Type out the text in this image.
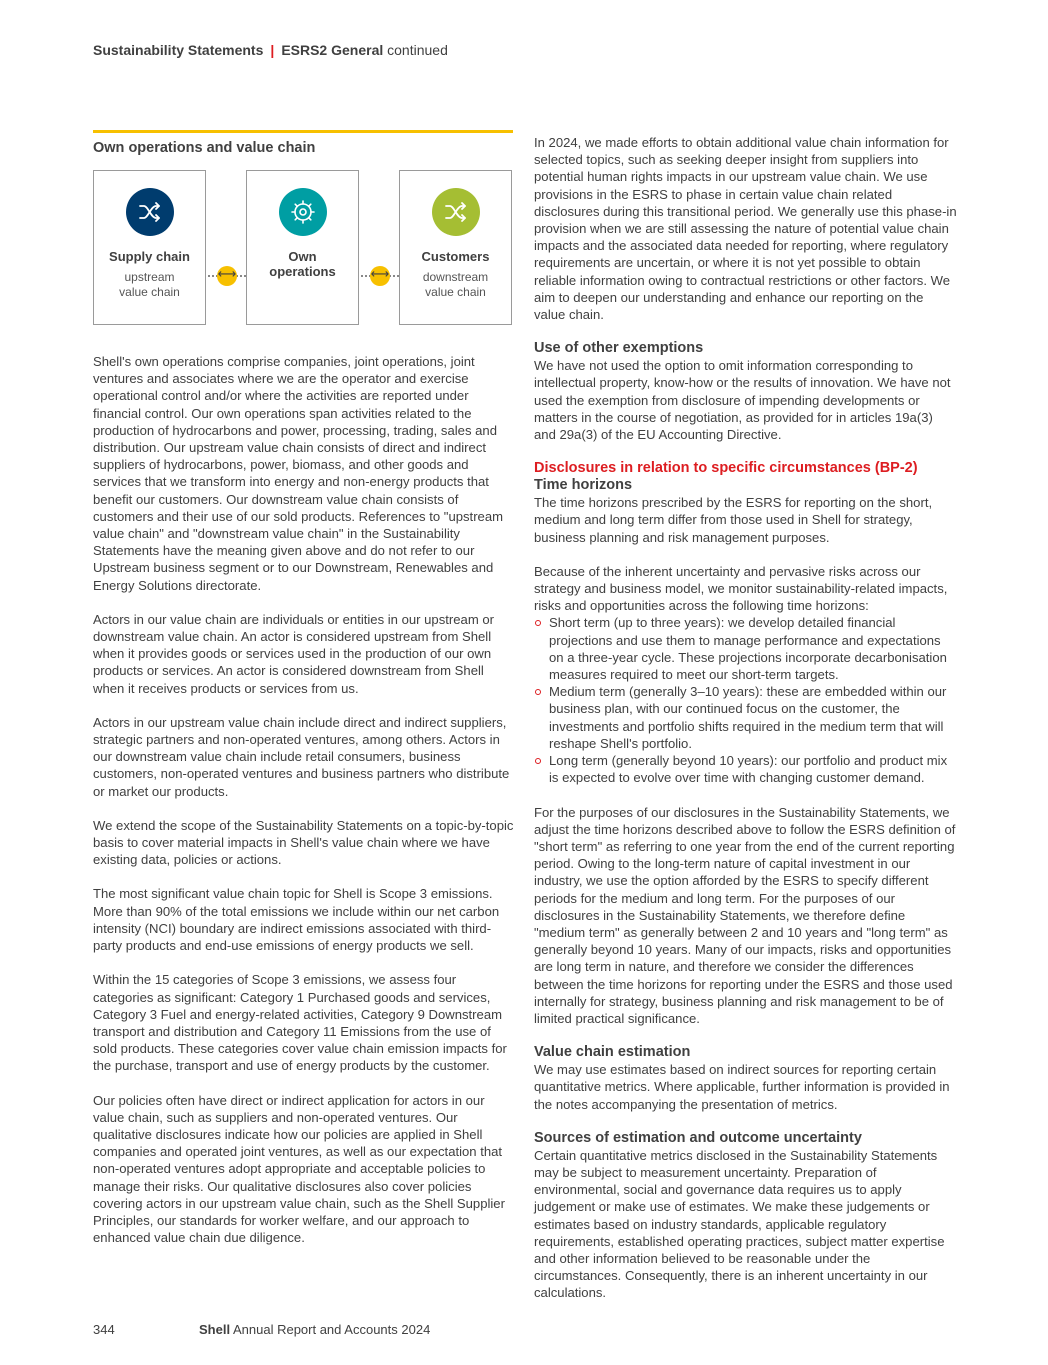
Sustainability Statements | ESRS2 General continued
Own operations and value chain
Supply chain
upstream
value chain
⟷
Own
operations	⟷
Customers
downstream
value chain

Shell's own operations comprise companies, joint operations, joint ventures and associates where we are the operator and exercise operational control and/or where the activities are reported under financial control. Our own operations span activities related to the production of hydrocarbons and power, processing, trading, sales and distribution. Our upstream value chain consists of direct and indirect suppliers of hydrocarbons, power, biomass, and other goods and services that we transform into energy and non-energy products that benefit our customers. Our downstream value chain consists of customers and their use of our sold products. References to "upstream value chain" and "downstream value chain" in the Sustainability Statements have the meaning given above and do not refer to our Upstream business segment or to our Downstream, Renewables and Energy Solutions directorate.

Actors in our value chain are individuals or entities in our upstream or downstream value chain. An actor is considered upstream from Shell when it provides goods or services used in the production of our own products or services. An actor is considered downstream from Shell when it receives products or services from us.

Actors in our upstream value chain include direct and indirect suppliers, strategic partners and non-operated ventures, among others. Actors in our downstream value chain include retail consumers, business customers, non-operated ventures and business partners who distribute or market our products.

We extend the scope of the Sustainability Statements on a topic-by-topic basis to cover material impacts in Shell's value chain where we have existing data, policies or actions.

The most significant value chain topic for Shell is Scope 3 emissions. More than 90% of the total emissions we include within our net carbon intensity (NCI) boundary are indirect emissions associated with third-party products and end-use emissions of energy products we sell.

Within the 15 categories of Scope 3 emissions, we assess four categories as significant: Category 1 Purchased goods and services, Category 3 Fuel and energy-related activities, Category 9 Downstream transport and distribution and Category 11 Emissions from the use of sold products. These categories cover value chain emission impacts for the purchase, transport and use of energy products by the customer.

Our policies often have direct or indirect application for actors in our value chain, such as suppliers and non-operated ventures. Our qualitative disclosures indicate how our policies are applied in Shell companies and operated joint ventures, as well as our expectation that non-operated ventures adopt appropriate and acceptable policies to manage their risks. Our qualitative disclosures also cover policies covering actors in our upstream value chain, such as the Shell Supplier Principles, our standards for worker welfare, and our approach to enhanced value chain due diligence.

In 2024, we made efforts to obtain additional value chain information for selected topics, such as seeking deeper insight from suppliers into potential human rights impacts in our upstream value chain. We use provisions in the ESRS to phase in certain value chain related disclosures during this transitional period. We generally use this phase-in provision when we are still assessing the nature of potential value chain impacts and the associated data needed for reporting, where regulatory requirements are uncertain, or where it is not yet possible to obtain reliable information owing to contractual restrictions or other factors. We aim to deepen our understanding and enhance our reporting on the value chain.

Use of other exemptions

We have not used the option to omit information corresponding to intellectual property, know-how or the results of innovation. We have not used the exemption from disclosure of impending developments or matters in the course of negotiation, as provided for in articles 19a(3) and 29a(3) of the EU Accounting Directive.

Disclosures in relation to specific circumstances (BP-2)
Time horizons

The time horizons prescribed by the ESRS for reporting on the short, medium and long term differ from those used in Shell for strategy, business planning and risk management purposes.

Because of the inherent uncertainty and pervasive risks across our strategy and business model, we monitor sustainability-related impacts, risks and opportunities across the following time horizons:

Short term (up to three years): we develop detailed financial projections and use them to manage performance and expectations on a three-year cycle. These projections incorporate decarbonisation measures required to meet our short-term targets.
Medium term (generally 3–10 years): these are embedded within our business plan, with our continued focus on the customer, the investments and portfolio shifts required in the medium term that will reshape Shell's portfolio.
Long term (generally beyond 10 years): our portfolio and product mix is expected to evolve over time with changing customer demand.

For the purposes of our disclosures in the Sustainability Statements, we adjust the time horizons described above to follow the ESRS definition of "short term" as referring to one year from the end of the current reporting period. Owing to the long-term nature of capital investment in our industry, we use the option afforded by the ESRS to specify different periods for the medium and long term. For the purposes of our disclosures in the Sustainability Statements, we therefore define "medium term" as generally between 2 and 10 years and "long term" as generally beyond 10 years. Many of our impacts, risks and opportunities are long term in nature, and therefore we consider the differences between the time horizons for reporting under the ESRS and those used internally for strategy, business planning and risk management to be of limited practical significance.

Value chain estimation

We may use estimates based on indirect sources for reporting certain quantitative metrics. Where applicable, further information is provided in the notes accompanying the presentation of metrics.

Sources of estimation and outcome uncertainty

Certain quantitative metrics disclosed in the Sustainability Statements may be subject to measurement uncertainty. Preparation of environmental, social and governance data requires us to apply judgement or make use of estimates. We make these judgements or estimates based on industry standards, applicable regulatory requirements, established operating practices, subject matter expertise and other information believed to be reasonable under the circumstances. Consequently, there is an inherent uncertainty in our calculations.

344	Shell Annual Report and Accounts 2024
